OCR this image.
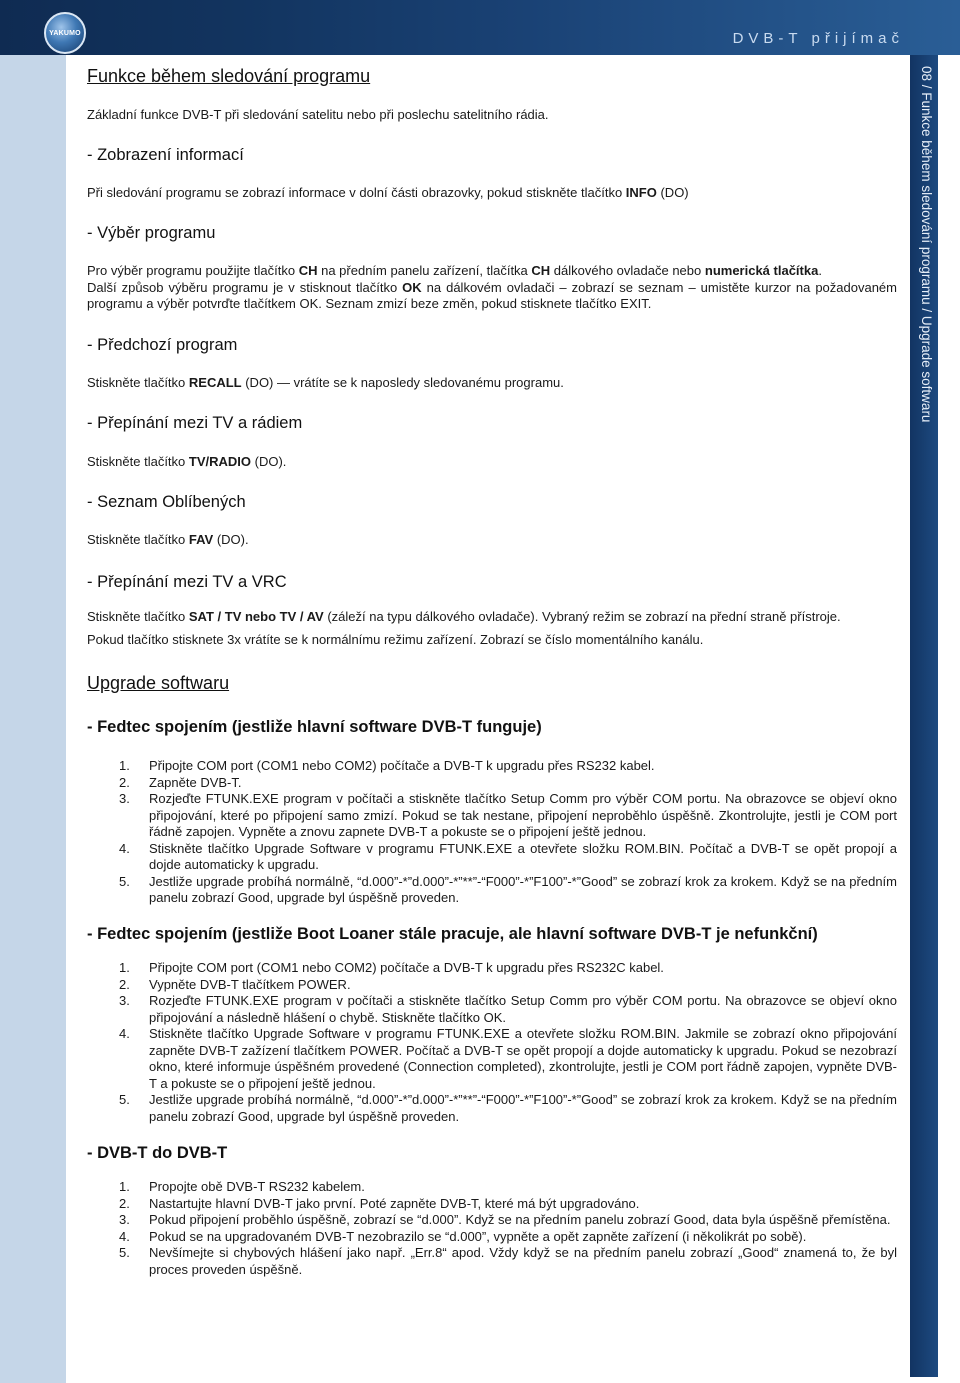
YAKUMO	DVB-T přijímač
08 / Funkce během sledování programu / Upgrade softwaru
Funkce během sledování programu
Základní funkce DVB-T při sledování satelitu nebo při poslechu satelitního rádia.
- Zobrazení informací
Při sledování programu se zobrazí informace v dolní části obrazovky, pokud stiskněte tlačítko INFO (DO)
- Výběr programu
Pro výběr programu použijte tlačítko CH na předním panelu zařízení, tlačítka CH dálkového ovladače nebo numerická tlačítka.
Další způsob výběru programu je v stisknout tlačítko OK na dálkovém ovladači – zobrazí se seznam – umistěte kurzor na požadovaném programu a výběr potvrďte tlačítkem OK. Seznam zmizí beze změn, pokud stisknete tlačítko EXIT.
- Předchozí program
Stiskněte tlačítko RECALL (DO) — vrátíte se k naposledy sledovanému programu.
- Přepínání mezi TV a rádiem
Stiskněte tlačítko TV/RADIO (DO).
- Seznam Oblíbených
Stiskněte tlačítko FAV (DO).
- Přepínání mezi TV a VRC
Stiskněte tlačítko SAT / TV nebo TV / AV (záleží na typu dálkového ovladače). Vybraný režim se zobrazí na přední straně přístroje.
Pokud tlačítko stisknete 3x vrátíte se k normálnímu režimu zařízení. Zobrazí se číslo momentálního kanálu.
Upgrade softwaru
- Fedtec spojením (jestliže hlavní software DVB-T funguje)
1. Připojte COM port (COM1 nebo COM2) počítače a DVB-T k upgradu přes RS232 kabel.
2. Zapněte DVB-T.
3. Rozjeďte FTUNK.EXE program v počítači a stiskněte tlačítko Setup Comm pro výběr COM portu. Na obrazovce se objeví okno připojování, které po připojení samo zmizí. Pokud se tak nestane, připojení neproběhlo úspěšně. Zkontrolujte, jestli je COM port řádně zapojen. Vypněte a znovu zapnete DVB-T a pokuste se o připojení ještě jednou.
4. Stiskněte tlačítko Upgrade Software v programu FTUNK.EXE a otevřete složku ROM.BIN. Počítač a DVB-T se opět propojí a dojde automaticky k upgradu.
5. Jestliže upgrade probíhá normálně, “d.000”-*”d.000”-*”**”-“F000”-*”F100”-*”Good” se zobrazí krok za krokem. Když se na předním panelu zobrazí Good, upgrade byl úspěšně proveden.
- Fedtec spojením (jestliže Boot Loaner stále pracuje, ale hlavní software DVB-T je nefunkční)
1. Připojte COM port (COM1 nebo COM2) počítače a DVB-T k upgradu přes RS232C kabel.
2. Vypněte DVB-T tlačítkem POWER.
3. Rozjeďte FTUNK.EXE program v počítači a stiskněte tlačítko Setup Comm pro výběr COM portu. Na obrazovce se objeví okno připojování a následně hlášení o chybě. Stiskněte tlačítko OK.
4. Stiskněte tlačítko Upgrade Software v programu FTUNK.EXE a otevřete složku ROM.BIN. Jakmile se zobrazí okno připojování zapněte DVB-T zažízení tlačítkem POWER. Počítač a DVB-T se opět propojí a dojde automaticky k upgradu. Pokud se nezobrazí okno, které informuje úspěšném provedené (Connection completed), zkontrolujte, jestli je COM port řádně zapojen, vypněte DVB-T a pokuste se o připojení ještě jednou.
5. Jestliže upgrade probíhá normálně, “d.000”-*”d.000”-*”**”-“F000”-*”F100”-*”Good” se zobrazí krok za krokem. Když se na předním panelu zobrazí Good, upgrade byl úspěšně proveden.
- DVB-T do DVB-T
1. Propojte obě DVB-T RS232 kabelem.
2. Nastartujte hlavní DVB-T jako první. Poté zapněte DVB-T, které má být upgradováno.
3. Pokud připojení proběhlo úspěšně, zobrazí se “d.000”. Když se na předním panelu zobrazí Good, data byla úspěšně přemístěna.
4. Pokud se na upgradovaném DVB-T nezobrazilo se “d.000”, vypněte a opět zapněte zařízení (i několikrát po sobě).
5. Nevšímejte si chybových hlášení jako např. „Err.8“ apod. Vždy když se na předním panelu zobrazí „Good“ znamená to, že byl proces proveden úspěšně.
